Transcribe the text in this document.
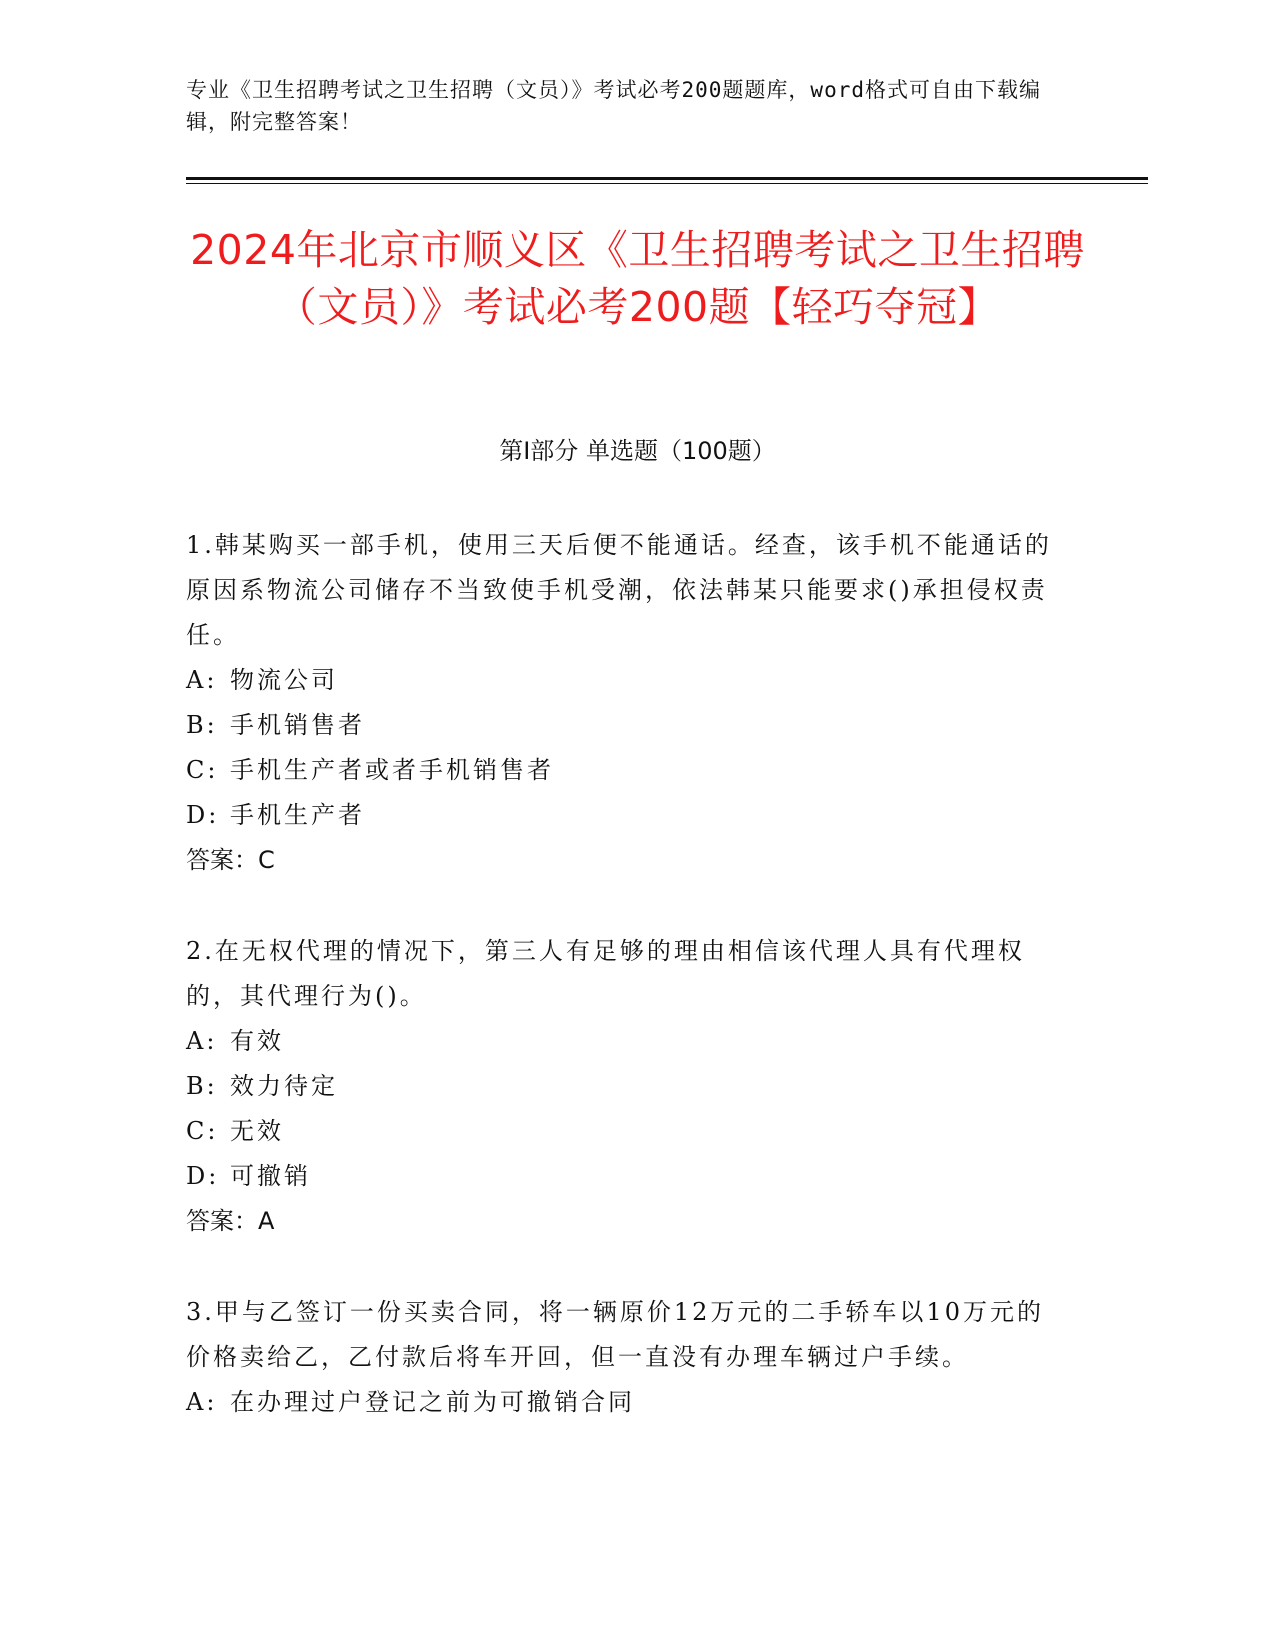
专业《卫生招聘考试之卫生招聘（文员）》考试必考200题题库，word格式可自由下载编辑，附完整答案！
2024年北京市顺义区《卫生招聘考试之卫生招聘（文员）》考试必考200题【轻巧夺冠】
第Ⅰ部分 单选题（100题）
1.韩某购买一部手机，使用三天后便不能通话。经查，该手机不能通话的原因系物流公司储存不当致使手机受潮，依法韩某只能要求()承担侵权责任。
A: 物流公司
B: 手机销售者
C: 手机生产者或者手机销售者
D: 手机生产者
答案：C
2.在无权代理的情况下，第三人有足够的理由相信该代理人具有代理权的，其代理行为()。
A: 有效
B: 效力待定
C: 无效
D: 可撤销
答案：A
3.甲与乙签订一份买卖合同，将一辆原价12万元的二手轿车以10万元的价格卖给乙，乙付款后将车开回，但一直没有办理车辆过户手续。
A: 在办理过户登记之前为可撤销合同
